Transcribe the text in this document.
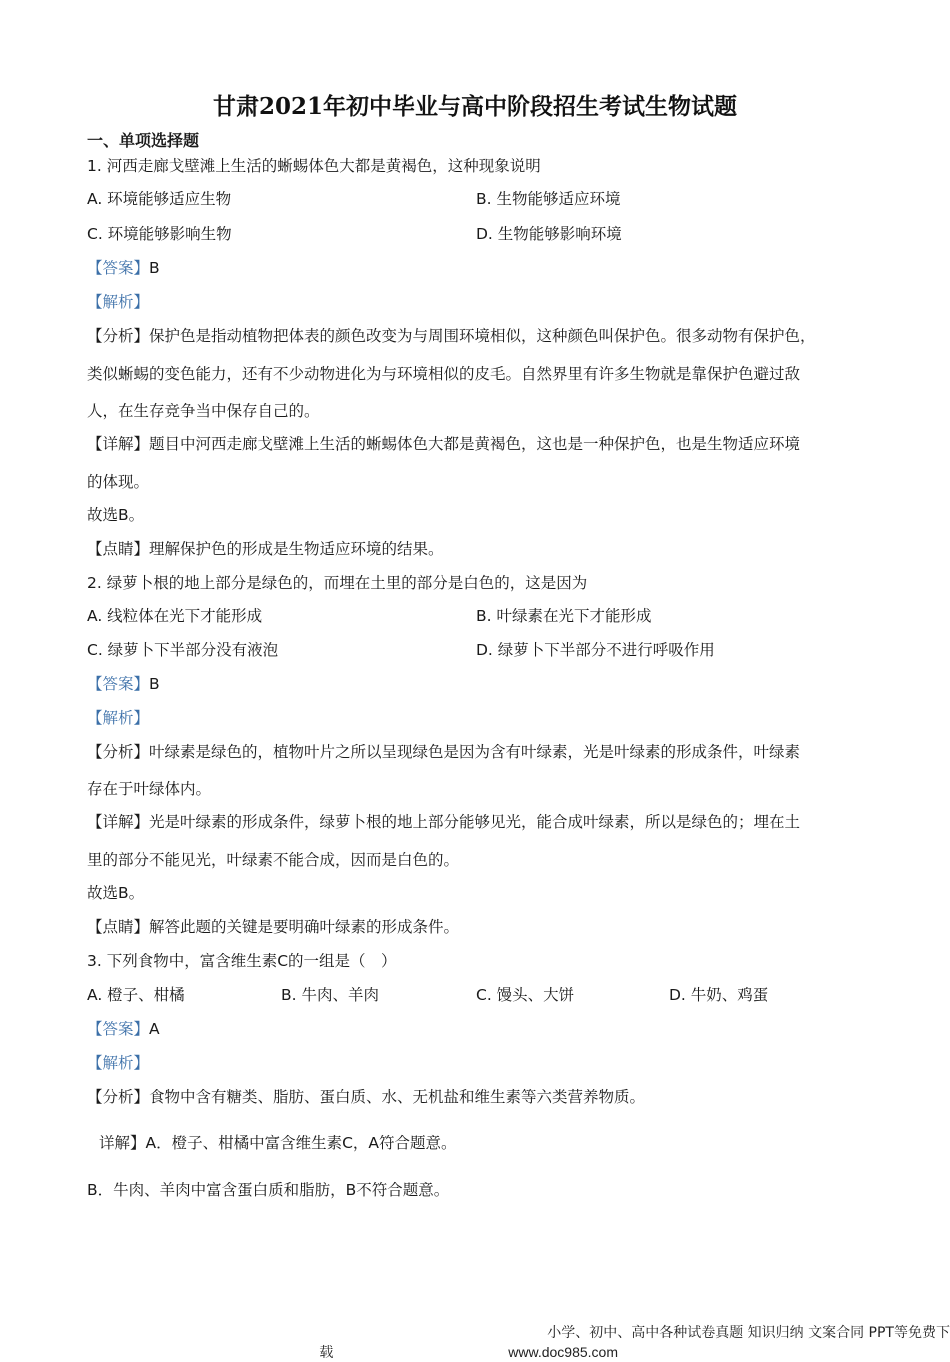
甘肃2021年初中毕业与高中阶段招生考试生物试题
一、单项选择题
1. 河西走廊戈壁滩上生活的蜥蜴体色大都是黄褐色，这种现象说明
A. 环境能够适应生物	B. 生物能够适应环境
C. 环境能够影响生物	D. 生物能够影响环境
【答案】B
【解析】
【分析】保护色是指动植物把体表的颜色改变为与周围环境相似，这种颜色叫保护色。很多动物有保护色，
类似蜥蜴的变色能力，还有不少动物进化为与环境相似的皮毛。自然界里有许多生物就是靠保护色避过敌
人，在生存竞争当中保存自己的。
【详解】题目中河西走廊戈壁滩上生活的蜥蜴体色大都是黄褐色，这也是一种保护色，也是生物适应环境
的体现。
故选B。
【点睛】理解保护色的形成是生物适应环境的结果。
2. 绿萝卜根的地上部分是绿色的，而埋在土里的部分是白色的，这是因为
A. 线粒体在光下才能形成	B. 叶绿素在光下才能形成
C. 绿萝卜下半部分没有液泡	D. 绿萝卜下半部分不进行呼吸作用
【答案】B
【解析】
【分析】叶绿素是绿色的，植物叶片之所以呈现绿色是因为含有叶绿素，光是叶绿素的形成条件，叶绿素
存在于叶绿体内。
【详解】光是叶绿素的形成条件，绿萝卜根的地上部分能够见光，能合成叶绿素，所以是绿色的；埋在土
里的部分不能见光，叶绿素不能合成，因而是白色的。
故选B。
【点睛】解答此题的关键是要明确叶绿素的形成条件。
3. 下列食物中，富含维生素C的一组是（　）
A. 橙子、柑橘	B. 牛肉、羊肉	C. 馒头、大饼	D. 牛奶、鸡蛋
【答案】A
【解析】
【分析】食物中含有糖类、脂肪、蛋白质、水、无机盐和维生素等六类营养物质。
详解】A．橙子、柑橘中富含维生素C，A符合题意。
B．牛肉、羊肉中富含蛋白质和脂肪，B不符合题意。
小学、初中、高中各种试卷真题 知识归纳 文案合同 PPT等免费下载	www.doc985.com
